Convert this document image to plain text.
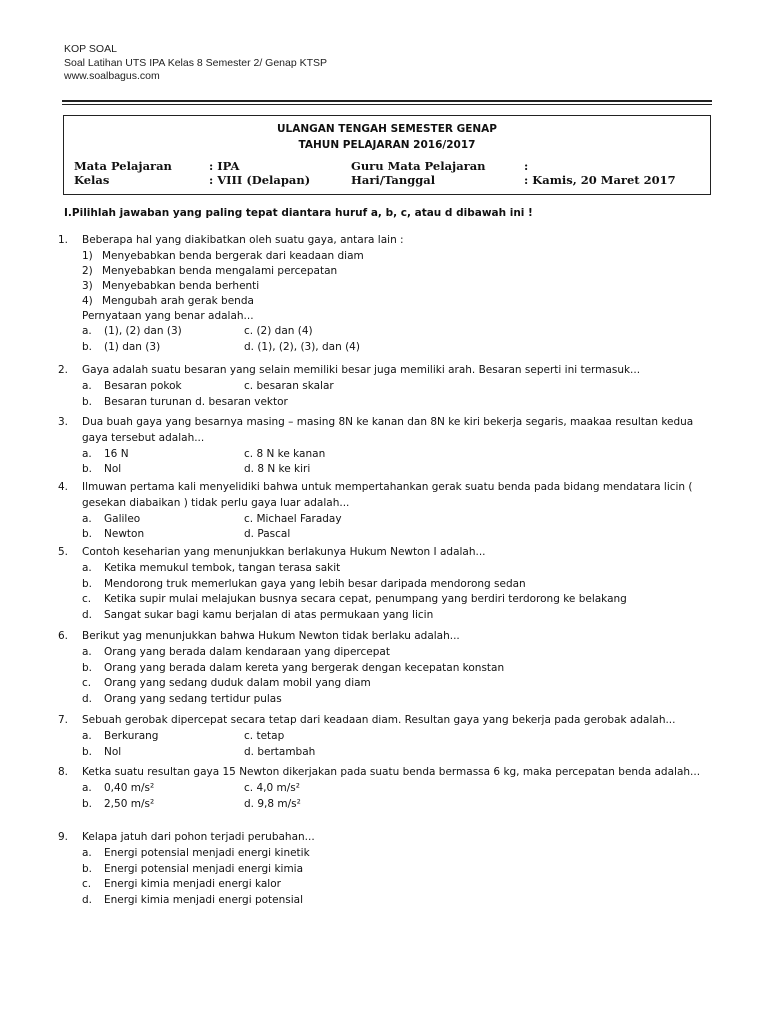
KOP SOAL
Soal Latihan UTS IPA Kelas 8 Semester 2/ Genap KTSP
www.soalbagus.com
ULANGAN TENGAH SEMESTER GENAP
TAHUN PELAJARAN 2016/2017
Mata Pelajaran	: IPA	Guru Mata Pelajaran	:
Kelas	: VIII (Delapan)	Hari/Tanggal	: Kamis, 20 Maret 2017
I.Pilihlah jawaban yang paling tepat diantara huruf a, b, c, atau d dibawah ini !
1. Beberapa hal yang diakibatkan oleh suatu gaya, antara lain :
1) Menyebabkan benda bergerak dari keadaan diam
2) Menyebabkan benda mengalami percepatan
3) Menyebabkan benda berhenti
4) Mengubah arah gerak benda
Pernyataan yang benar adalah...
a. (1), (2) dan (3)	c. (2) dan (4)
b. (1) dan (3)	d. (1), (2), (3), dan (4)
2. Gaya adalah suatu besaran yang selain memiliki besar juga memiliki arah. Besaran seperti ini termasuk...
a. Besaran pokok	c. besaran skalar
b. Besaran turunan d. besaran vektor
3. Dua buah gaya yang besarnya masing – masing 8N ke kanan dan 8N ke kiri bekerja segaris, maakaa resultan kedua gaya tersebut adalah...
a. 16 N	c. 8 N ke kanan
b. Nol	d. 8 N ke kiri
4. Ilmuwan pertama kali menyelidiki bahwa untuk mempertahankan gerak suatu benda pada bidang mendatara licin ( gesekan diabaikan ) tidak perlu gaya luar adalah...
a. Galileo	c. Michael Faraday
b. Newton	d. Pascal
5. Contoh keseharian yang menunjukkan berlakunya Hukum Newton I adalah...
a. Ketika memukul tembok, tangan terasa sakit
b. Mendorong truk memerlukan gaya yang lebih besar daripada mendorong sedan
c. Ketika supir mulai melajukan busnya secara cepat, penumpang yang berdiri terdorong ke belakang
d. Sangat sukar bagi kamu berjalan di atas permukaan yang licin
6. Berikut yag menunjukkan bahwa Hukum Newton tidak berlaku adalah...
a. Orang yang berada dalam kendaraan yang dipercepat
b. Orang yang berada dalam kereta yang bergerak dengan kecepatan konstan
c. Orang yang sedang duduk dalam mobil yang diam
d. Orang yang sedang tertidur pulas
7. Sebuah gerobak dipercepat secara tetap dari keadaan diam. Resultan gaya yang bekerja pada gerobak adalah...
a. Berkurang	c. tetap
b. Nol	d. bertambah
8. Ketka suatu resultan gaya 15 Newton dikerjakan pada suatu benda bermassa 6 kg, maka percepatan benda adalah...
a. 0,40 m/s²	c. 4,0 m/s²
b. 2,50 m/s²	d. 9,8 m/s²
9. Kelapa jatuh dari pohon terjadi perubahan...
a. Energi potensial menjadi energi kinetik
b. Energi potensial menjadi energi kimia
c. Energi kimia menjadi energi kalor
d. Energi kimia menjadi energi potensial
